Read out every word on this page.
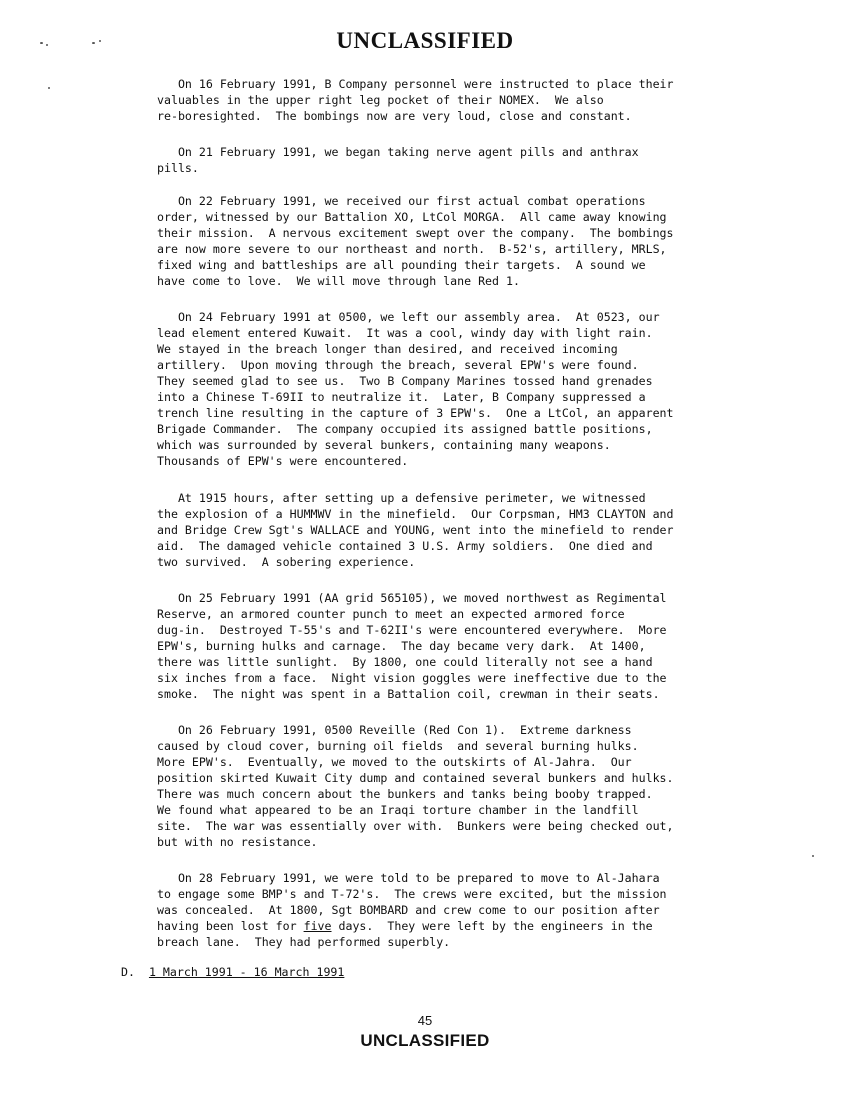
UNCLASSIFIED

On 16 February 1991, B Company personnel were instructed to place their

valuables in the upper right leg pocket of their NOMEX.  We also

re-boresighted.  The bombings now are very loud, close and constant.

On 21 February 1991, we began taking nerve agent pills and anthrax

pills.

On 22 February 1991, we received our first actual combat operations

order, witnessed by our Battalion XO, LtCol MORGA.  All came away knowing

their mission.  A nervous excitement swept over the company.  The bombings

are now more severe to our northeast and north.  B-52's, artillery, MRLS,

fixed wing and battleships are all pounding their targets.  A sound we

have come to love.  We will move through lane Red 1.

On 24 February 1991 at 0500, we left our assembly area.  At 0523, our

lead element entered Kuwait.  It was a cool, windy day with light rain.

We stayed in the breach longer than desired, and received incoming

artillery.  Upon moving through the breach, several EPW's were found.

They seemed glad to see us.  Two B Company Marines tossed hand grenades

into a Chinese T-69II to neutralize it.  Later, B Company suppressed a

trench line resulting in the capture of 3 EPW's.  One a LtCol, an apparent

Brigade Commander.  The company occupied its assigned battle positions,

which was surrounded by several bunkers, containing many weapons.

Thousands of EPW's were encountered.

At 1915 hours, after setting up a defensive perimeter, we witnessed

the explosion of a HUMMWV in the minefield.  Our Corpsman, HM3 CLAYTON and

and Bridge Crew Sgt's WALLACE and YOUNG, went into the minefield to render

aid.  The damaged vehicle contained 3 U.S. Army soldiers.  One died and

two survived.  A sobering experience.

On 25 February 1991 (AA grid 565105), we moved northwest as Regimental

Reserve, an armored counter punch to meet an expected armored force

dug-in.  Destroyed T-55's and T-62II's were encountered everywhere.  More

EPW's, burning hulks and carnage.  The day became very dark.  At 1400,

there was little sunlight.  By 1800, one could literally not see a hand

six inches from a face.  Night vision goggles were ineffective due to the

smoke.  The night was spent in a Battalion coil, crewman in their seats.

On 26 February 1991, 0500 Reveille (Red Con 1).  Extreme darkness

caused by cloud cover, burning oil fields  and several burning hulks.

More EPW's.  Eventually, we moved to the outskirts of Al-Jahra.  Our

position skirted Kuwait City dump and contained several bunkers and hulks.

There was much concern about the bunkers and tanks being booby trapped.

We found what appeared to be an Iraqi torture chamber in the landfill

site.  The war was essentially over with.  Bunkers were being checked out,

but with no resistance.

On 28 February 1991, we were told to be prepared to move to Al-Jahara

to engage some BMP's and T-72's.  The crews were excited, but the mission

was concealed.  At 1800, Sgt BOMBARD and crew come to our position after

having been lost for five days.  They were left by the engineers in the

breach lane.  They had performed superbly.

D. 1 March 1991 - 16 March 1991
45
UNCLASSIFIED
